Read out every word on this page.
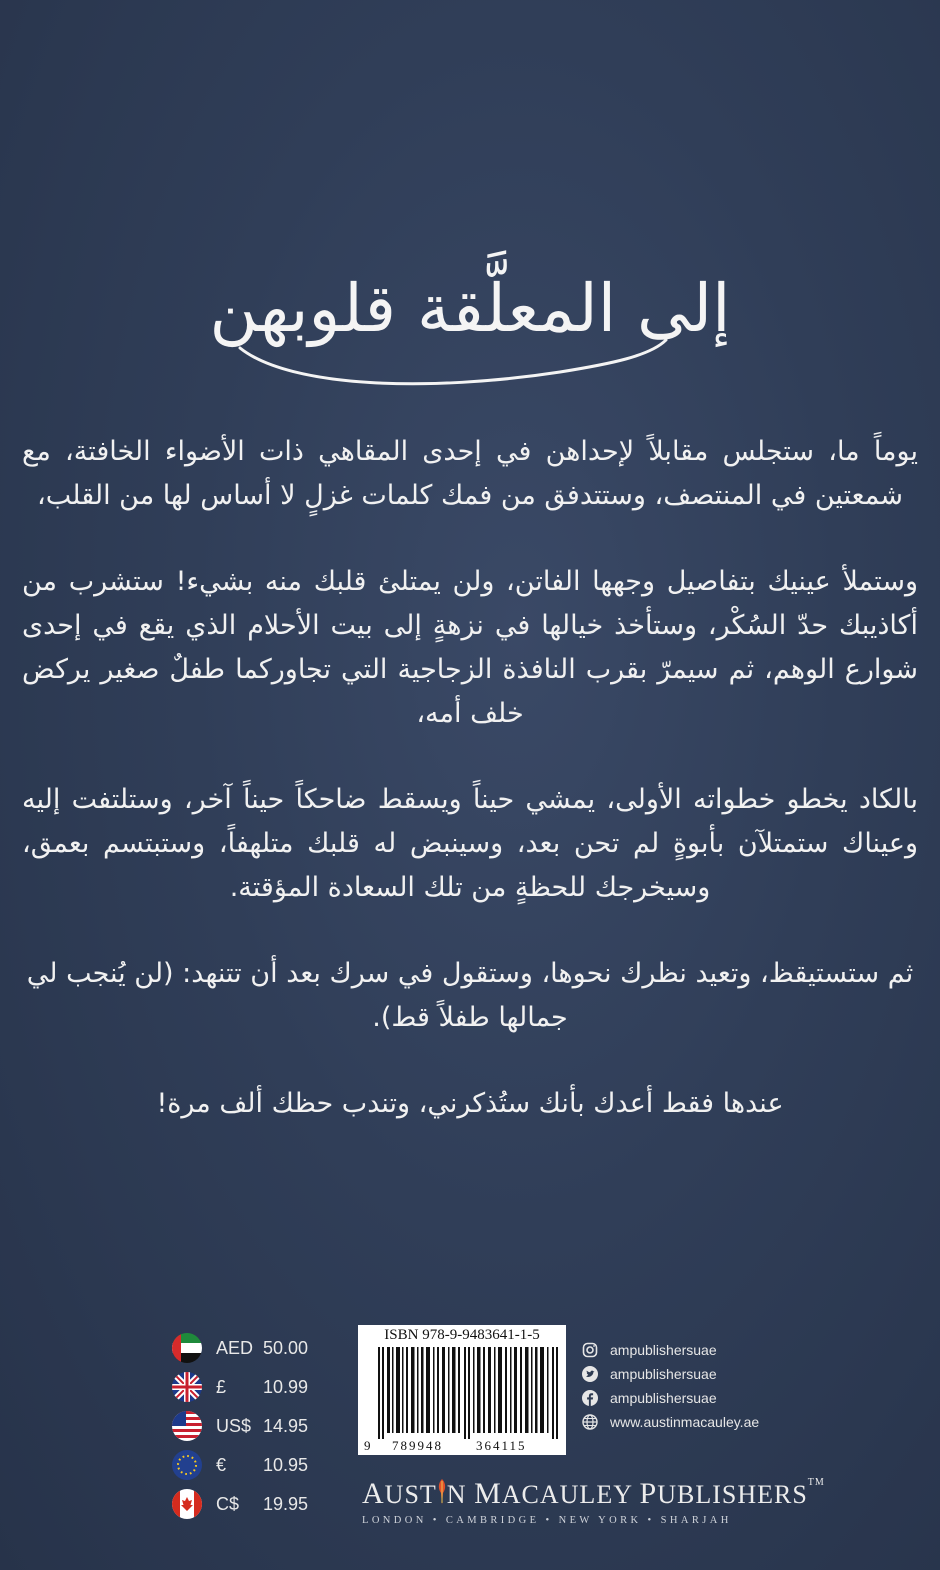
إلى المعلَّقة قلوبهن

يوماً ما، ستجلس مقابلاً لإحداهن في إحدى المقاهي ذات الأضواء الخافتة، مع شمعتين في المنتصف، وستتدفق من فمك كلمات غزلٍ لا أساس لها من القلب،

وستملأ عينيك بتفاصيل وجهها الفاتن، ولن يمتلئ قلبك منه بشيء! ستشرب من أكاذيبك حدّ السُكْر، وستأخذ خيالها في نزهةٍ إلى بيت الأحلام الذي يقع في إحدى شوارع الوهم، ثم سيمرّ بقرب النافذة الزجاجية التي تجاوركما طفلٌ صغير يركض خلف أمه،

بالكاد يخطو خطواته الأولى، يمشي حيناً ويسقط ضاحكاً حيناً آخر، وستلتفت إليه وعيناك ستمتلآن بأبوةٍ لم تحن بعد، وسينبض له قلبك متلهفاً، وستبتسم بعمق، وسيخرجك للحظةٍ من تلك السعادة المؤقتة.

ثم ستستيقظ، وتعيد نظرك نحوها، وستقول في سرك بعد أن تتنهد: (لن يُنجب لي جمالها طفلاً قط).

عندها فقط أعدك بأنك ستُذكرني، وتندب حظك ألف مرة!

AED 50.00
£ 10.99
US$ 14.95
€ 10.95
C$ 19.95
ISBN 978-9-9483641-1-5
9 789948	364115
ampublishersuae
ampublishersuae
ampublishersuae
www.austinmacauley.ae
AUST N MACAULEY PUBLISHERS™
LONDON • CAMBRIDGE • NEW YORK • SHARJAH
